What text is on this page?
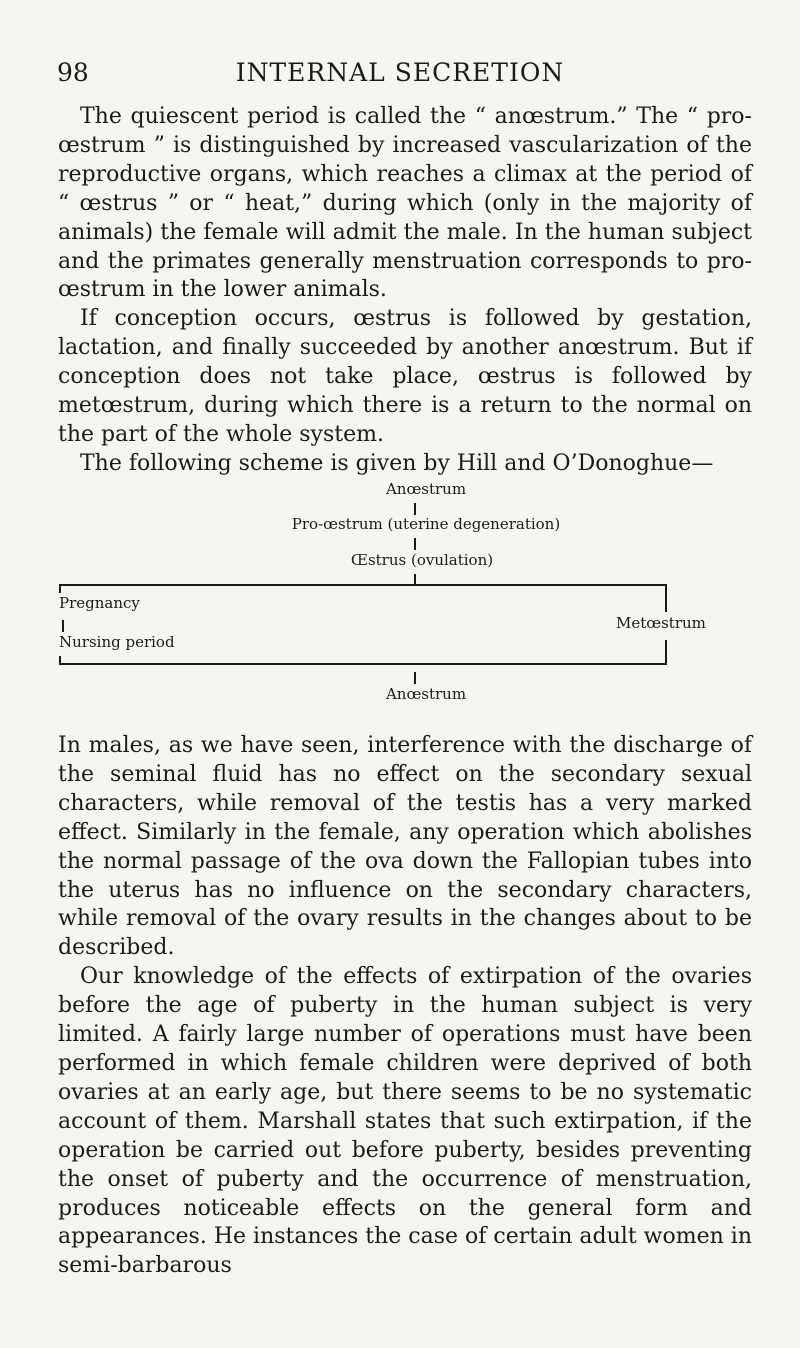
98	INTERNAL SECRETION

The quiescent period is called the “ anœstrum.” The “ pro-œstrum ” is distinguished by increased vascularization of the reproductive organs, which reaches a climax at the period of “ œstrus ” or “ heat,” during which (only in the majority of animals) the female will admit the male. In the human subject and the primates generally menstruation corresponds to pro-œstrum in the lower animals.

If conception occurs, œstrus is followed by gestation, lactation, and finally succeeded by another anœstrum. But if conception does not take place, œstrus is followed by metœstrum, during which there is a return to the normal on the part of the whole system.

The following scheme is given by Hill and O’Donoghue—

Anœstrum
Pro-œstrum (uterine degeneration)
Œstrus (ovulation)
Pregnancy
Nursing period
Metœstrum
Anœstrum

In males, as we have seen, interference with the discharge of the seminal fluid has no effect on the secondary sexual characters, while removal of the testis has a very marked effect. Similarly in the female, any operation which abolishes the normal passage of the ova down the Fallopian tubes into the uterus has no influence on the secondary characters, while removal of the ovary results in the changes about to be described.

Our knowledge of the effects of extirpation of the ovaries before the age of puberty in the human subject is very limited. A fairly large number of operations must have been performed in which female children were deprived of both ovaries at an early age, but there seems to be no systematic account of them. Marshall states that such extirpation, if the operation be carried out before puberty, besides preventing the onset of puberty and the occurrence of menstruation, produces noticeable effects on the general form and appearances. He instances the case of certain adult women in semi-barbarous
